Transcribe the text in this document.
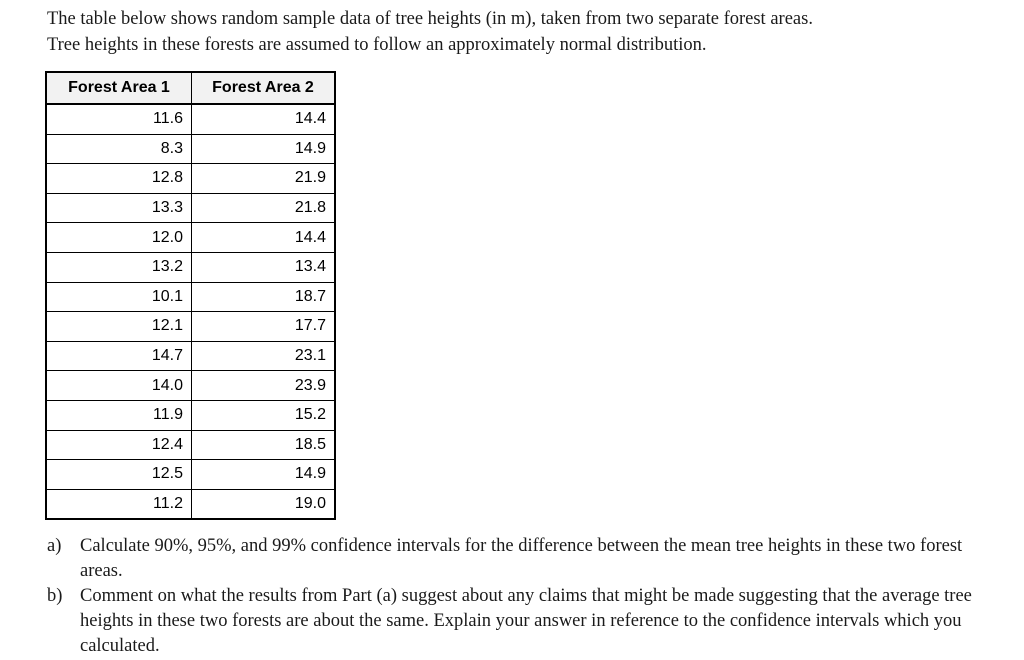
The table below shows random sample data of tree heights (in m), taken from two separate forest areas.
Tree heights in these forests are assumed to follow an approximately normal distribution.
Forest Area 1	Forest Area 2
11.6	14.4
8.3	14.9
12.8	21.9
13.3	21.8
12.0	14.4
13.2	13.4
10.1	18.7
12.1	17.7
14.7	23.1
14.0	23.9
11.9	15.2
12.4	18.5
12.5	14.9
11.2	19.0
a)	Calculate 90%, 95%, and 99% confidence intervals for the difference between the mean tree heights in these two forest areas.
b) Comment on what the results from Part (a) suggest about any claims that might be made suggesting that the average tree heights in these two forests are about the same. Explain your answer in reference to the confidence intervals which you calculated.
